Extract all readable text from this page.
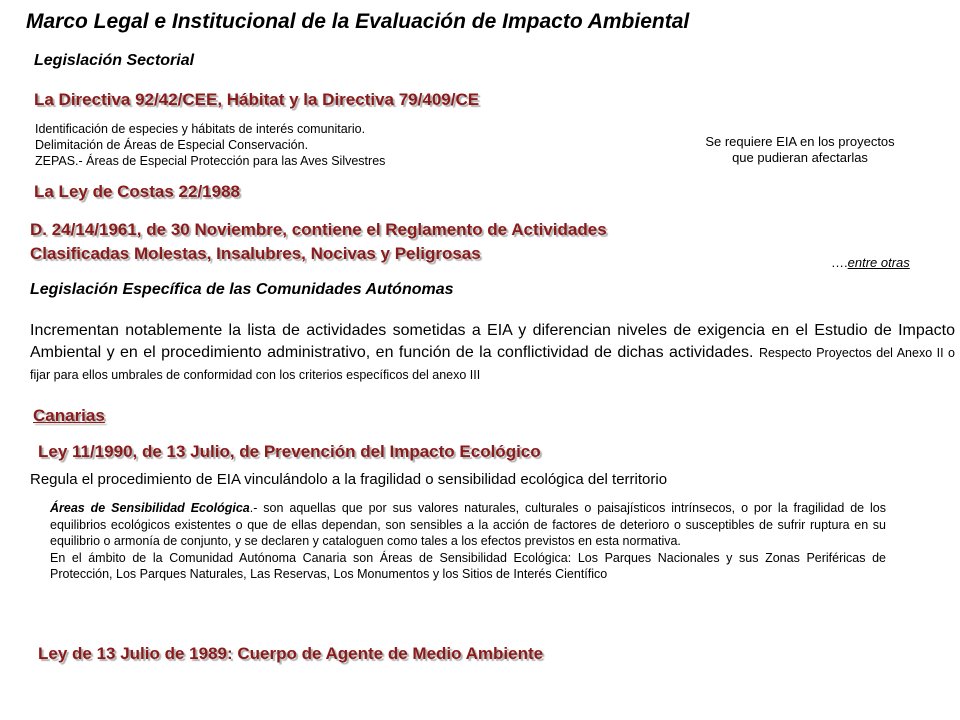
Marco Legal e Institucional de la Evaluación de Impacto Ambiental
Legislación Sectorial
La Directiva 92/42/CEE, Hábitat y la Directiva 79/409/CE
Identificación de especies y hábitats de interés comunitario.
Delimitación de Áreas de Especial Conservación.
ZEPAS.- Áreas de Especial Protección para las Aves Silvestres
Se requiere EIA en los proyectos
que pudieran afectarlas
La Ley de Costas 22/1988
D. 24/14/1961, de 30 Noviembre, contiene el Reglamento de Actividades
Clasificadas Molestas, Insalubres, Nocivas y Peligrosas	….entre otras
Legislación Específica de las Comunidades Autónomas
Incrementan notablemente la lista de actividades sometidas a EIA y diferencian niveles de exigencia en el Estudio de Impacto Ambiental y en el procedimiento administrativo, en función de la conflictividad de dichas actividades. Respecto Proyectos del Anexo II o fijar para ellos umbrales de conformidad con los criterios específicos del anexo III
Canarias
Ley 11/1990, de 13 Julio, de Prevención del Impacto Ecológico
Regula el procedimiento de EIA vinculándolo a la fragilidad o sensibilidad ecológica del territorio
Áreas de Sensibilidad Ecológica.- son aquellas que por sus valores naturales, culturales o paisajísticos intrínsecos, o por la fragilidad de los equilibrios ecológicos existentes o que de ellas dependan, son sensibles a la acción de factores de deterioro o susceptibles de sufrir ruptura en su equilibrio o armonía de conjunto, y se declaren y cataloguen como tales a los efectos previstos en esta normativa.
En el ámbito de la Comunidad Autónoma Canaria son Áreas de Sensibilidad Ecológica: Los Parques Nacionales y sus Zonas Periféricas de Protección, Los Parques Naturales, Las Reservas, Los Monumentos y los Sitios de Interés Científico
Ley de 13 Julio de 1989: Cuerpo de Agente de Medio Ambiente
